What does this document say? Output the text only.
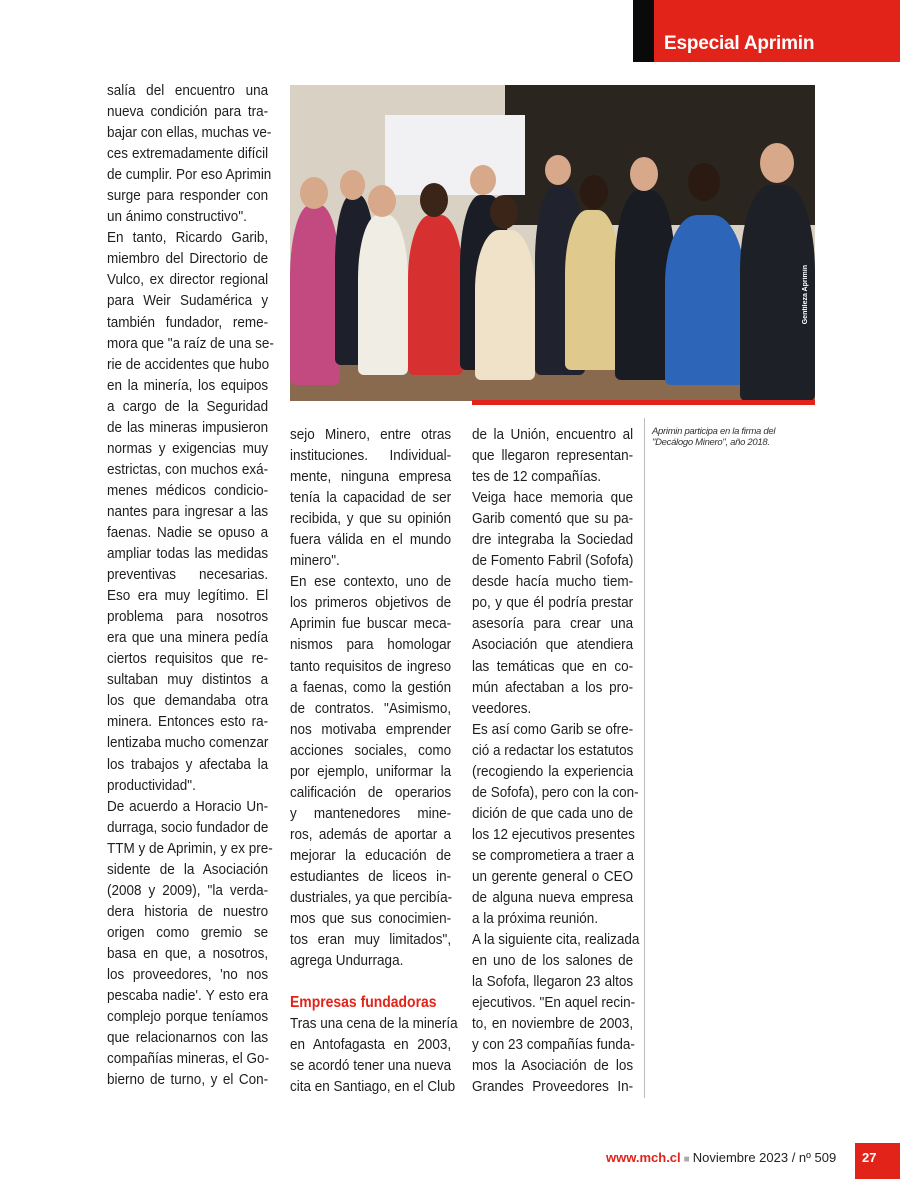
Especial Aprimin
Gentileza Aprimin
Aprimin participa en la firma del "Decálogo Minero", año 2018.
salía del encuentro una
nueva condición para tra-
bajar con ellas, muchas ve-
ces extremadamente difícil
de cumplir. Por eso Aprimin
surge para responder con
un ánimo constructivo".
En tanto, Ricardo Garib,
miembro del Directorio de
Vulco, ex director regional
para Weir Sudamérica y
también fundador, reme-
mora que "a raíz de una se-
rie de accidentes que hubo
en la minería, los equipos
a cargo de la Seguridad
de las mineras impusieron
normas y exigencias muy
estrictas, con muchos exá-
menes médicos condicio-
nantes para ingresar a las
faenas. Nadie se opuso a
ampliar todas las medidas
preventivas necesarias.
Eso era muy legítimo. El
problema para nosotros
era que una minera pedía
ciertos requisitos que re-
sultaban muy distintos a
los que demandaba otra
minera. Entonces esto ra-
lentizaba mucho comenzar
los trabajos y afectaba la
productividad".
De acuerdo a Horacio Un-
durraga, socio fundador de
TTM y de Aprimin, y ex pre-
sidente de la Asociación
(2008 y 2009), "la verda-
dera historia de nuestro
origen como gremio se
basa en que, a nosotros,
los proveedores, 'no nos
pescaba nadie'. Y esto era
complejo porque teníamos
que relacionarnos con las
compañías mineras, el Go-
bierno de turno, y el Con-
sejo Minero, entre otras
instituciones. Individual-
mente, ninguna empresa
tenía la capacidad de ser
recibida, y que su opinión
fuera válida en el mundo
minero".
En ese contexto, uno de
los primeros objetivos de
Aprimin fue buscar meca-
nismos para homologar
tanto requisitos de ingreso
a faenas, como la gestión
de contratos. "Asimismo,
nos motivaba emprender
acciones sociales, como
por ejemplo, uniformar la
calificación de operarios
y mantenedores mine-
ros, además de aportar a
mejorar la educación de
estudiantes de liceos in-
dustriales, ya que percibía-
mos que sus conocimien-
tos eran muy limitados",
agrega Undurraga.
Empresas fundadoras
Tras una cena de la minería
en Antofagasta en 2003,
se acordó tener una nueva
cita en Santiago, en el Club
de la Unión, encuentro al
que llegaron representan-
tes de 12 compañías.
Veiga hace memoria que
Garib comentó que su pa-
dre integraba la Sociedad
de Fomento Fabril (Sofofa)
desde hacía mucho tiem-
po, y que él podría prestar
asesoría para crear una
Asociación que atendiera
las temáticas que en co-
mún afectaban a los pro-
veedores.
Es así como Garib se ofre-
ció a redactar los estatutos
(recogiendo la experiencia
de Sofofa), pero con la con-
dición de que cada uno de
los 12 ejecutivos presentes
se comprometiera a traer a
un gerente general o CEO
de alguna nueva empresa
a la próxima reunión.
A la siguiente cita, realizada
en uno de los salones de
la Sofofa, llegaron 23 altos
ejecutivos. "En aquel recin-
to, en noviembre de 2003,
y con 23 compañías funda-
mos la Asociación de los
Grandes Proveedores In-
www.mch.cl ■ Noviembre 2023 / nº 509 27
